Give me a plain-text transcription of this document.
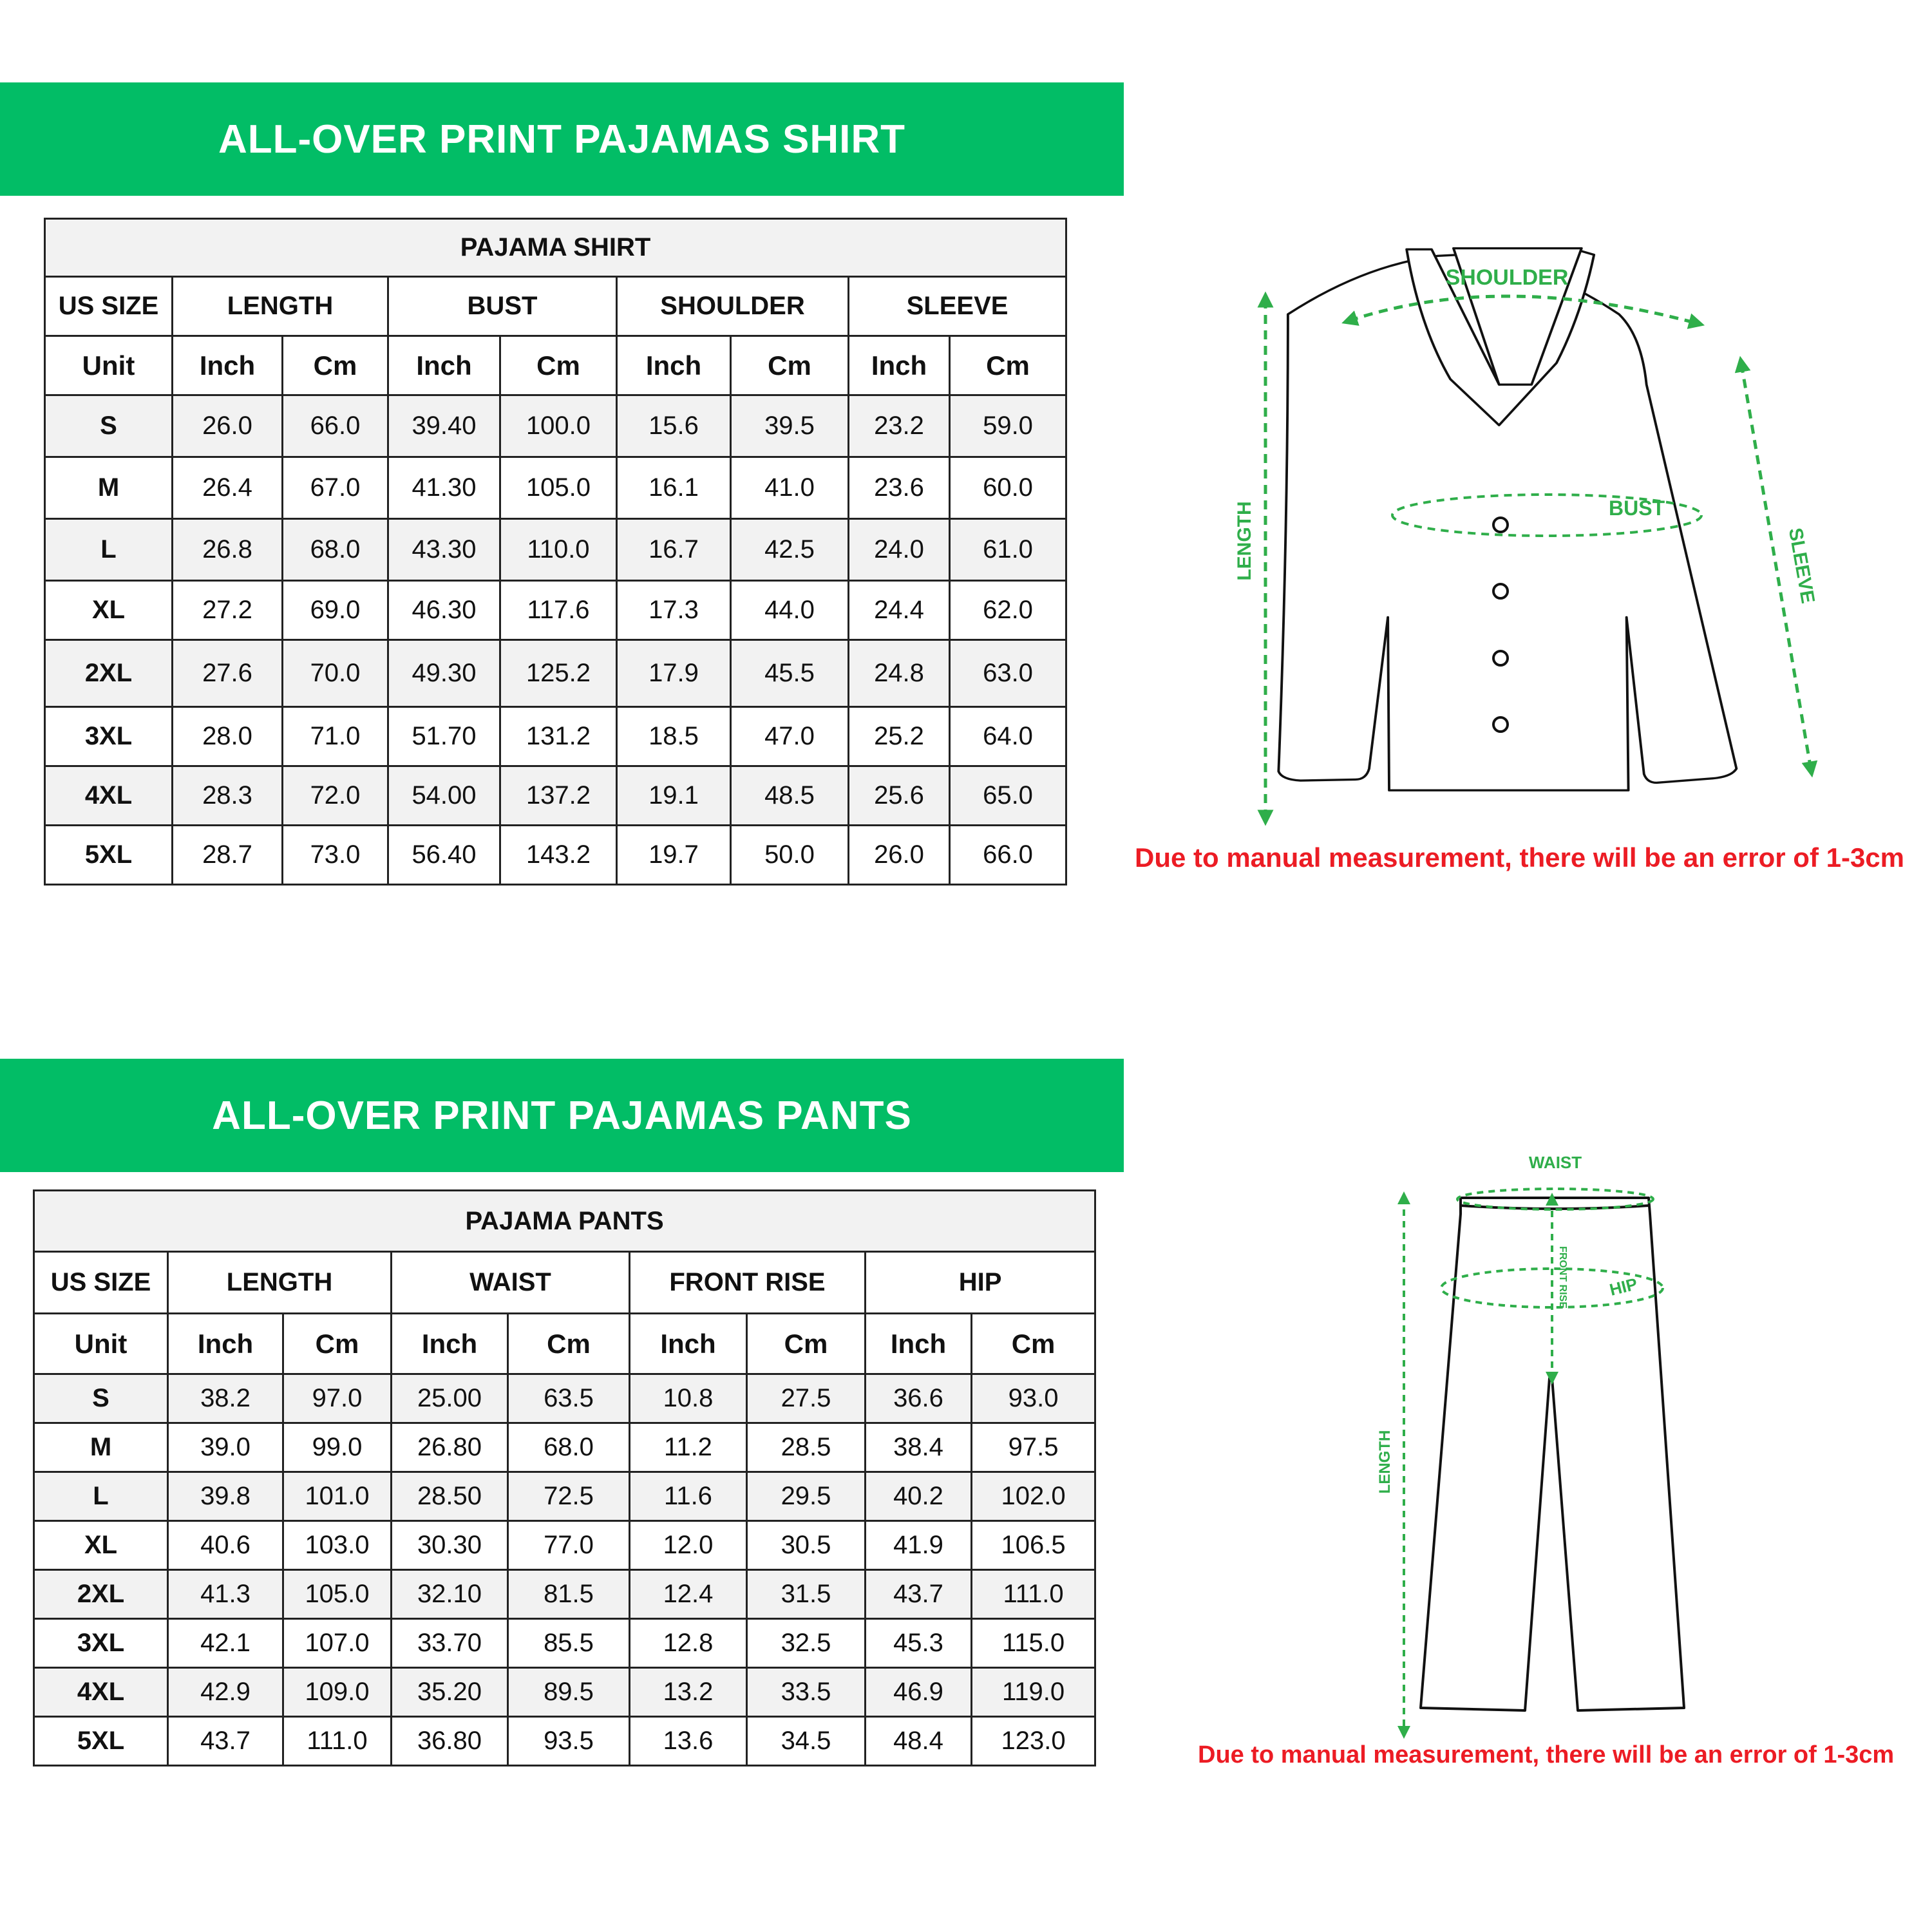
ALL-OVER PRINT PAJAMAS SHIRT
PAJAMA SHIRT								
US SIZE	LENGTH		BUST		SHOULDER		SLEEVE	
Unit	Inch	Cm	Inch	Cm	Inch	Cm	Inch	Cm
S	26.0	66.0	39.40	100.0	15.6	39.5	23.2	59.0
M	26.4	67.0	41.30	105.0	16.1	41.0	23.6	60.0
L	26.8	68.0	43.30	110.0	16.7	42.5	24.0	61.0
XL	27.2	69.0	46.30	117.6	17.3	44.0	24.4	62.0
2XL	27.6	70.0	49.30	125.2	17.9	45.5	24.8	63.0
3XL	28.0	71.0	51.70	131.2	18.5	47.0	25.2	64.0
4XL	28.3	72.0	54.00	137.2	19.1	48.5	25.6	65.0
5XL	28.7	73.0	56.40	143.2	19.7	50.0	26.0	66.0
SHOULDER
LENGTH	BUST
SLEEVE
Due to manual measurement, there will be an error of 1-3cm
ALL-OVER PRINT PAJAMAS PANTS
PAJAMA PANTS								
US SIZE	LENGTH		WAIST		FRONT RISE		HIP	
Unit	Inch	Cm	Inch	Cm	Inch	Cm	Inch	Cm
S	38.2	97.0	25.00	63.5	10.8	27.5	36.6	93.0
M	39.0	99.0	26.80	68.0	11.2	28.5	38.4	97.5
L	39.8	101.0	28.50	72.5	11.6	29.5	40.2	102.0
XL	40.6	103.0	30.30	77.0	12.0	30.5	41.9	106.5
2XL	41.3	105.0	32.10	81.5	12.4	31.5	43.7	111.0
3XL	42.1	107.0	33.70	85.5	12.8	32.5	45.3	115.0
4XL	42.9	109.0	35.20	89.5	13.2	33.5	46.9	119.0
5XL	43.7	111.0	36.80	93.5	13.6	34.5	48.4	123.0
WAIST
HIP
FRONT RISE
LENGTH
Due to manual measurement, there will be an error of 1-3cm
